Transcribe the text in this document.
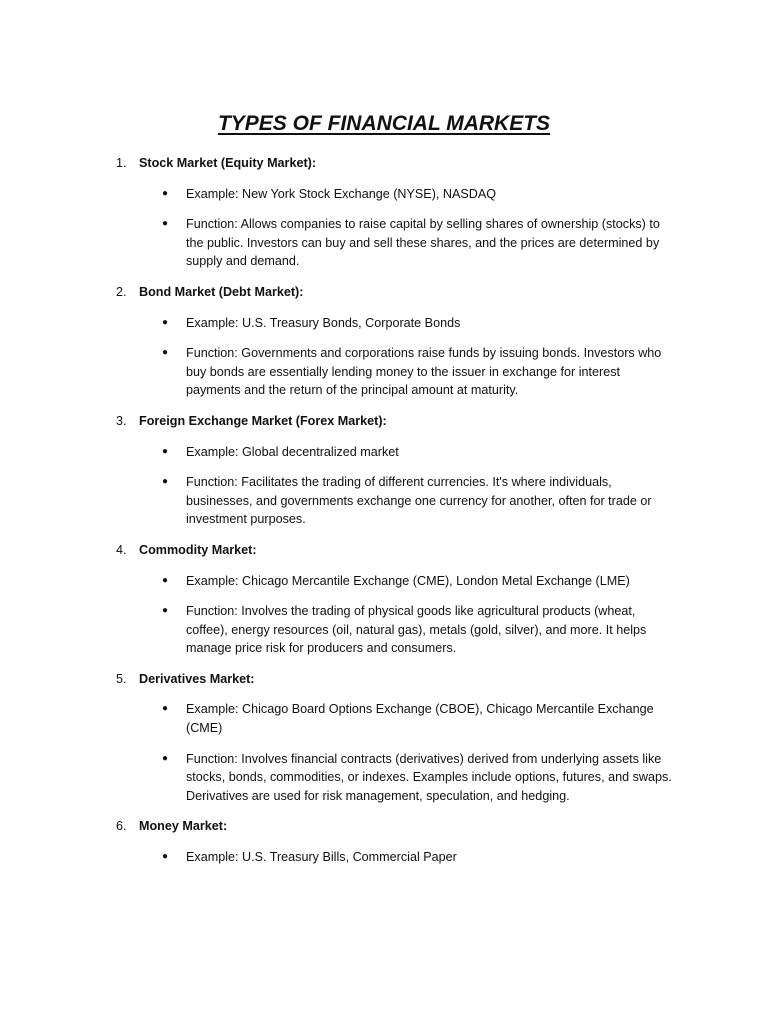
TYPES OF FINANCIAL MARKETS
1. Stock Market (Equity Market):
● Example: New York Stock Exchange (NYSE), NASDAQ
● Function: Allows companies to raise capital by selling shares of ownership (stocks) to the public. Investors can buy and sell these shares, and the prices are determined by supply and demand.
2. Bond Market (Debt Market):
● Example: U.S. Treasury Bonds, Corporate Bonds
● Function: Governments and corporations raise funds by issuing bonds. Investors who buy bonds are essentially lending money to the issuer in exchange for interest payments and the return of the principal amount at maturity.
3. Foreign Exchange Market (Forex Market):
● Example: Global decentralized market
● Function: Facilitates the trading of different currencies. It's where individuals, businesses, and governments exchange one currency for another, often for trade or investment purposes.
4. Commodity Market:
● Example: Chicago Mercantile Exchange (CME), London Metal Exchange (LME)
● Function: Involves the trading of physical goods like agricultural products (wheat, coffee), energy resources (oil, natural gas), metals (gold, silver), and more. It helps manage price risk for producers and consumers.
5. Derivatives Market:
● Example: Chicago Board Options Exchange (CBOE), Chicago Mercantile Exchange (CME)
● Function: Involves financial contracts (derivatives) derived from underlying assets like stocks, bonds, commodities, or indexes. Examples include options, futures, and swaps. Derivatives are used for risk management, speculation, and hedging.
6. Money Market:
● Example: U.S. Treasury Bills, Commercial Paper
